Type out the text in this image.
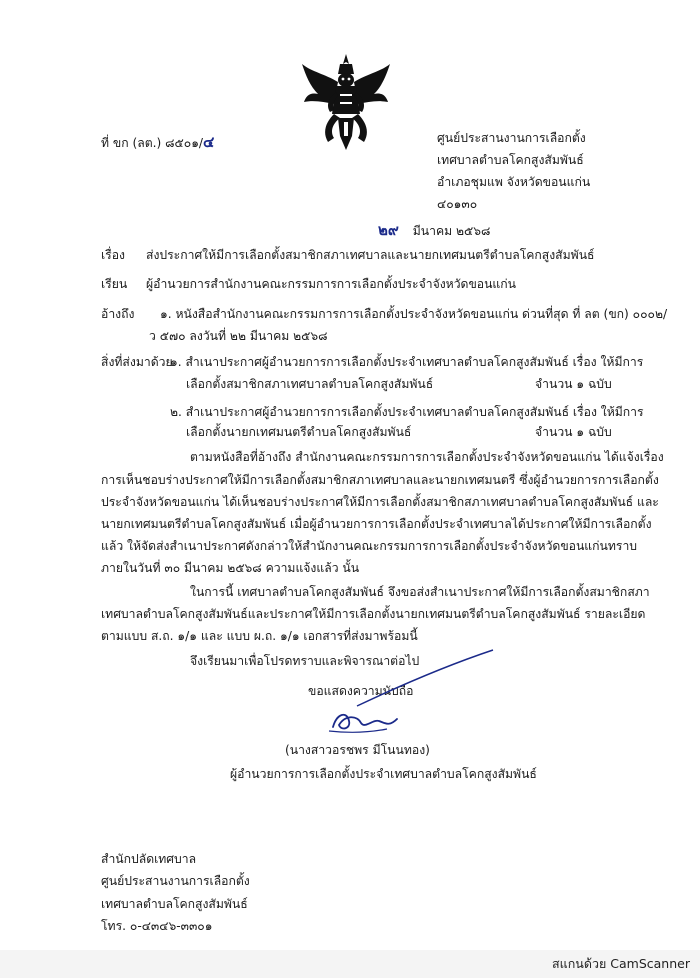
ที่ ขก (ลต.) ๘๕๐๑/๔	ศูนย์ประสานงานการเลือกตั้ง
เทศบาลตำบลโคกสูงสัมพันธ์
อำเภอชุมแพ จังหวัดขอนแก่น
๔๐๑๓๐
๒๙ มีนาคม ๒๕๖๘
เรื่อง ส่งประกาศให้มีการเลือกตั้งสมาชิกสภาเทศบาลและนายกเทศมนตรีตำบลโคกสูงสัมพันธ์
เรียน ผู้อำนวยการสำนักงานคณะกรรมการการเลือกตั้งประจำจังหวัดขอนแก่น
อ้างถึง ๑. หนังสือสำนักงานคณะกรรมการการเลือกตั้งประจำจังหวัดขอนแก่น ด่วนที่สุด ที่ ลต (ขก) ๐๐๐๒/
ว ๕๗๐ ลงวันที่ ๒๒ มีนาคม ๒๕๖๘
สิ่งที่ส่งมาด้วย
๑. สำเนาประกาศผู้อำนวยการการเลือกตั้งประจำเทศบาลตำบลโคกสูงสัมพันธ์ เรื่อง ให้มีการ
เลือกตั้งสมาชิกสภาเทศบาลตำบลโคกสูงสัมพันธ์	จำนวน ๑ ฉบับ
๒. สำเนาประกาศผู้อำนวยการการเลือกตั้งประจำเทศบาลตำบลโคกสูงสัมพันธ์ เรื่อง ให้มีการ
เลือกตั้งนายกเทศมนตรีตำบลโคกสูงสัมพันธ์	จำนวน ๑ ฉบับ
ตามหนังสือที่อ้างถึง สำนักงานคณะกรรมการการเลือกตั้งประจำจังหวัดขอนแก่น ได้แจ้งเรื่อง
การเห็นชอบร่างประกาศให้มีการเลือกตั้งสมาชิกสภาเทศบาลและนายกเทศมนตรี ซึ่งผู้อำนวยการการเลือกตั้ง
ประจำจังหวัดขอนแก่น ได้เห็นชอบร่างประกาศให้มีการเลือกตั้งสมาชิกสภาเทศบาลตำบลโคกสูงสัมพันธ์ และ
นายกเทศมนตรีตำบลโคกสูงสัมพันธ์ เมื่อผู้อำนวยการการเลือกตั้งประจำเทศบาลได้ประกาศให้มีการเลือกตั้ง
แล้ว ให้จัดส่งสำเนาประกาศดังกล่าวให้สำนักงานคณะกรรมการการเลือกตั้งประจำจังหวัดขอนแก่นทราบ
ภายในวันที่ ๓๐ มีนาคม ๒๕๖๘ ความแจ้งแล้ว นั้น
ในการนี้ เทศบาลตำบลโคกสูงสัมพันธ์ จึงขอส่งสำเนาประกาศให้มีการเลือกตั้งสมาชิกสภา
เทศบาลตำบลโคกสูงสัมพันธ์และประกาศให้มีการเลือกตั้งนายกเทศมนตรีตำบลโคกสูงสัมพันธ์ รายละเอียด
ตามแบบ ส.ถ. ๑/๑ และ แบบ ผ.ถ. ๑/๑ เอกสารที่ส่งมาพร้อมนี้
จึงเรียนมาเพื่อโปรดทราบและพิจารณาต่อไป
ขอแสดงความนับถือ
(นางสาวอรชพร มีโนนทอง)
ผู้อำนวยการการเลือกตั้งประจำเทศบาลตำบลโคกสูงสัมพันธ์
สำนักปลัดเทศบาล
ศูนย์ประสานงานการเลือกตั้ง
เทศบาลตำบลโคกสูงสัมพันธ์
โทร. ๐-๔๓๔๖-๓๓๐๑
สแกนด้วย CamScanner
